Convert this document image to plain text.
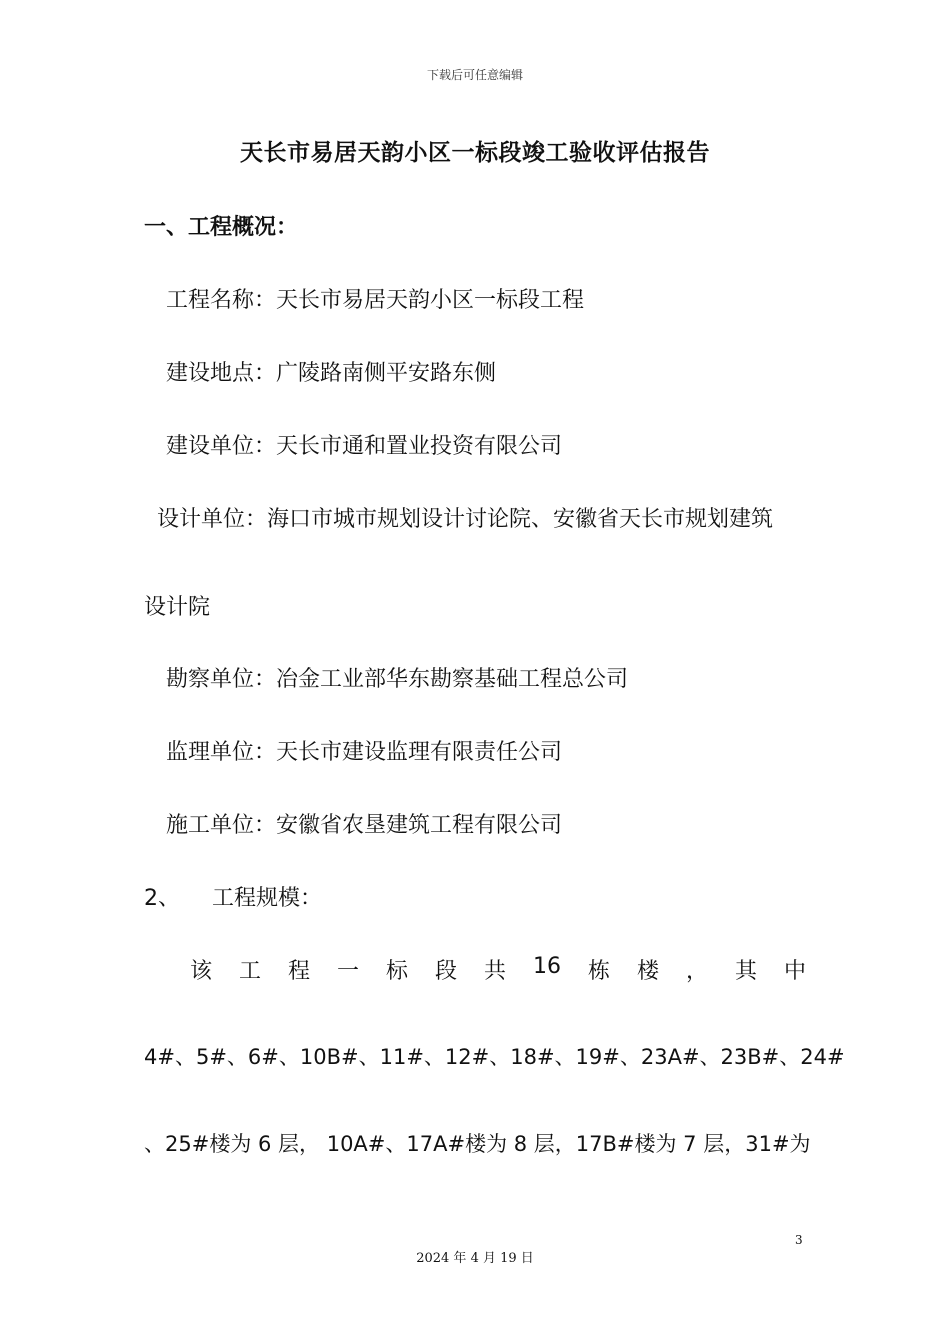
下载后可任意编辑
天长市易居天韵小区一标段竣工验收评估报告
一、工程概况：
工程名称：天长市易居天韵小区一标段工程
建设地点：广陵路南侧平安路东侧
建设单位：天长市通和置业投资有限公司
设计单位：海口市城市规划设计讨论院、安徽省天长市规划建筑
设计院
勘察单位：冶金工业部华东勘察基础工程总公司
监理单位：天长市建设监理有限责任公司
施工单位：安徽省农垦建筑工程有限公司
2、 工程规模：
该 工 程 一 标 段 共 16 栋 楼 ， 其 中
4#、5#、6#、10B#、11#、12#、18#、19#、23A#、23B#、24#
、25#楼为 6 层， 10A#、17A#楼为 8 层，17B#楼为 7 层，31#为
3
2024 年 4 月 19 日
